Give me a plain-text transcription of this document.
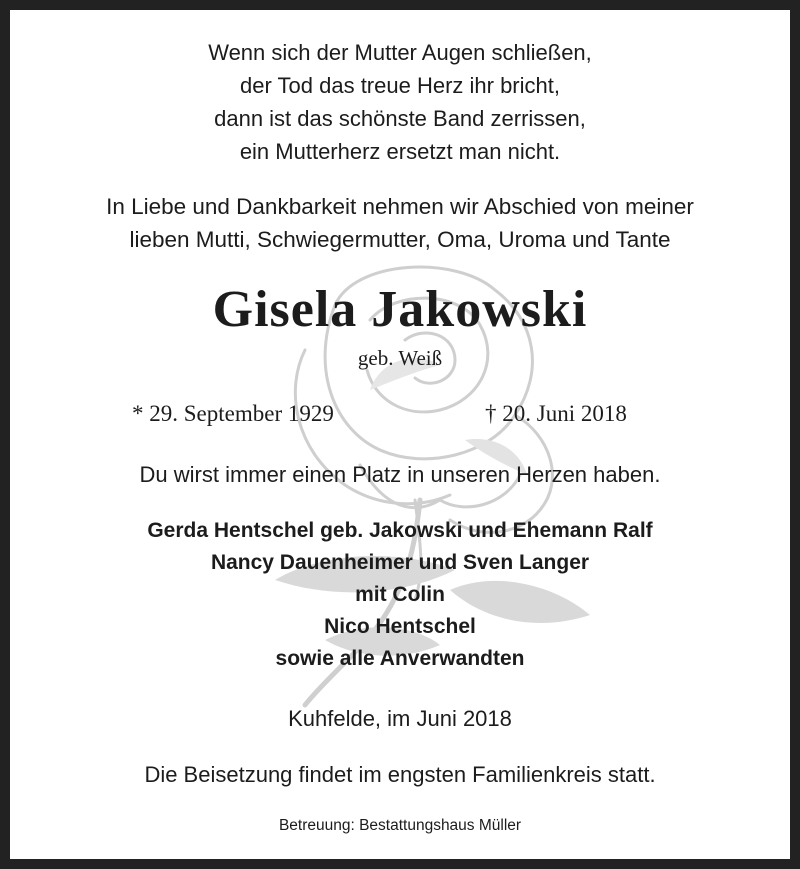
Wenn sich der Mutter Augen schließen,
der Tod das treue Herz ihr bricht,
dann ist das schönste Band zerrissen,
ein Mutterherz ersetzt man nicht.
In Liebe und Dankbarkeit nehmen wir Abschied von meiner
lieben Mutti, Schwiegermutter, Oma, Uroma und Tante
Gisela Jakowski
geb. Weiß
* 29. September 1929	† 20. Juni 2018
Du wirst immer einen Platz in unseren Herzen haben.
Gerda Hentschel geb. Jakowski und Ehemann Ralf
Nancy Dauenheimer und Sven Langer
mit Colin
Nico Hentschel
sowie alle Anverwandten
Kuhfelde, im Juni 2018
Die Beisetzung findet im engsten Familienkreis statt.
Betreuung: Bestattungshaus Müller
